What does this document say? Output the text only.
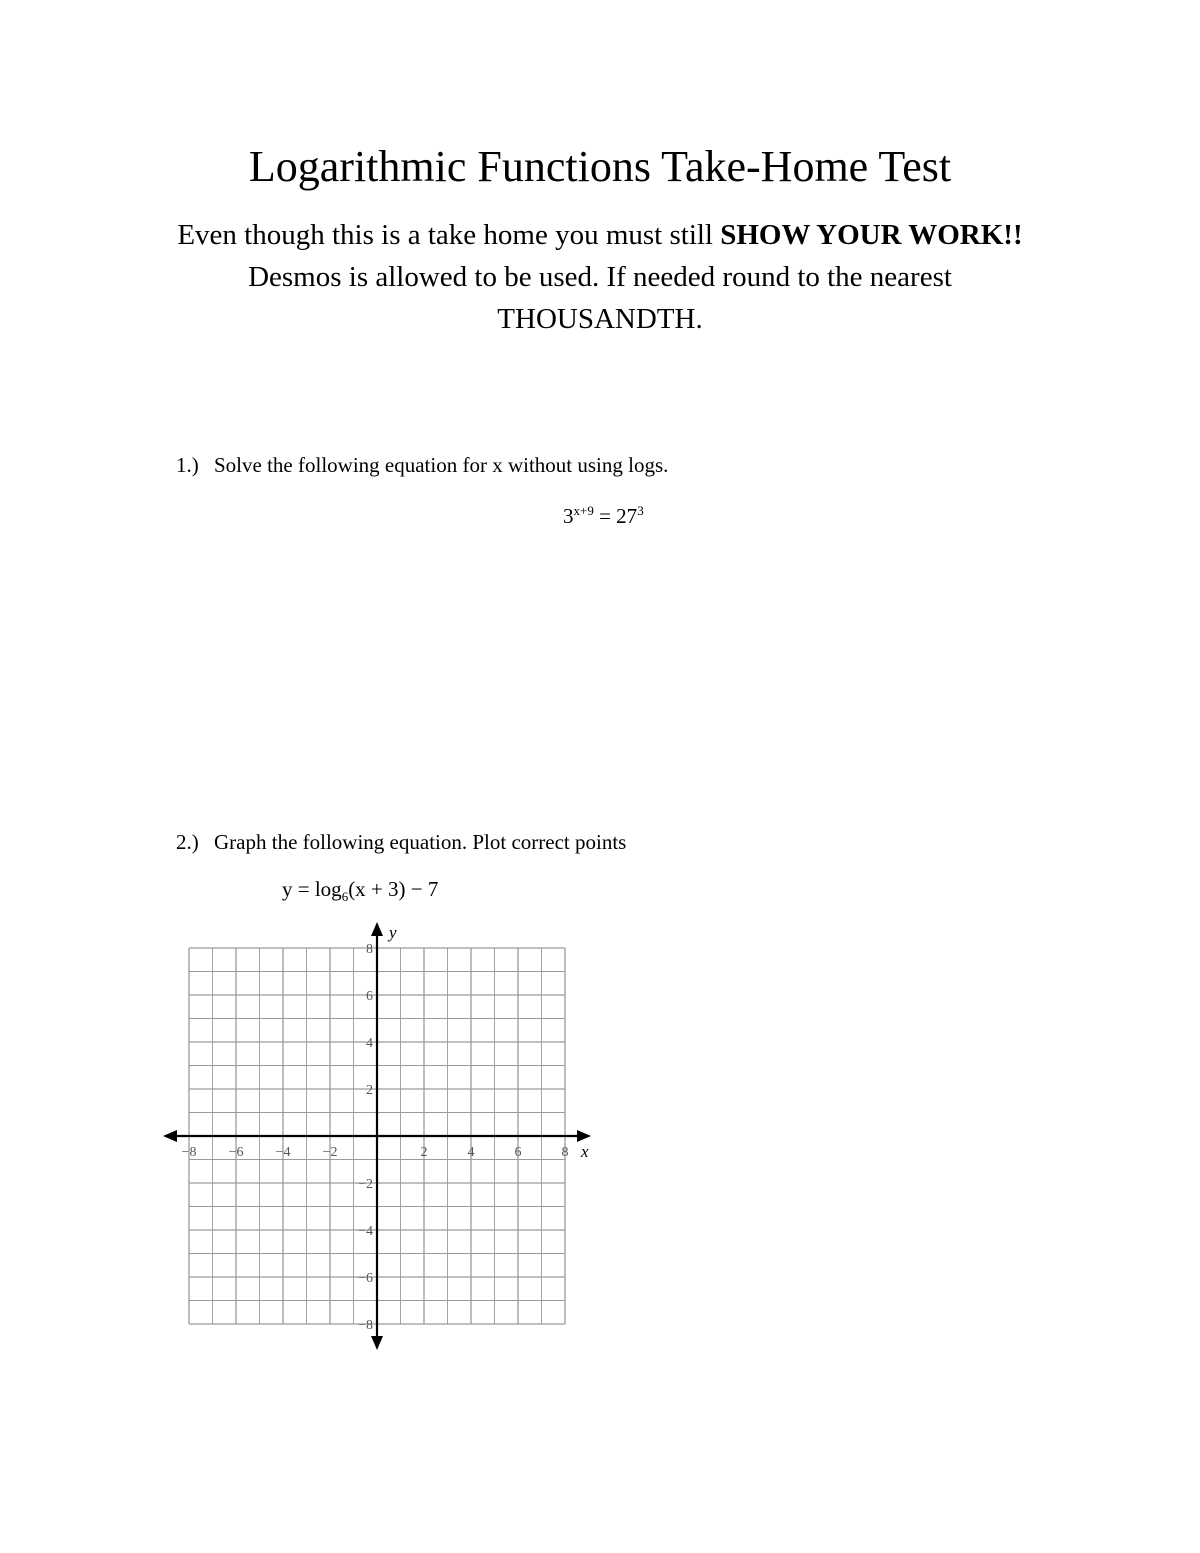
Logarithmic Functions Take-Home Test
Even though this is a take home you must still SHOW YOUR WORK!!
Desmos is allowed to be used. If needed round to the nearest
THOUSANDTH.
1.) Solve the following equation for x without using logs.
$3^{x+9} = 27^3$
2.) Graph the following equation. Plot correct points
$y = \log_6(x + 3) - 7$
−8 −6 −4 −2	2	4	6	8
8
6
4
2
−2
−4
−6
−8
x
y
